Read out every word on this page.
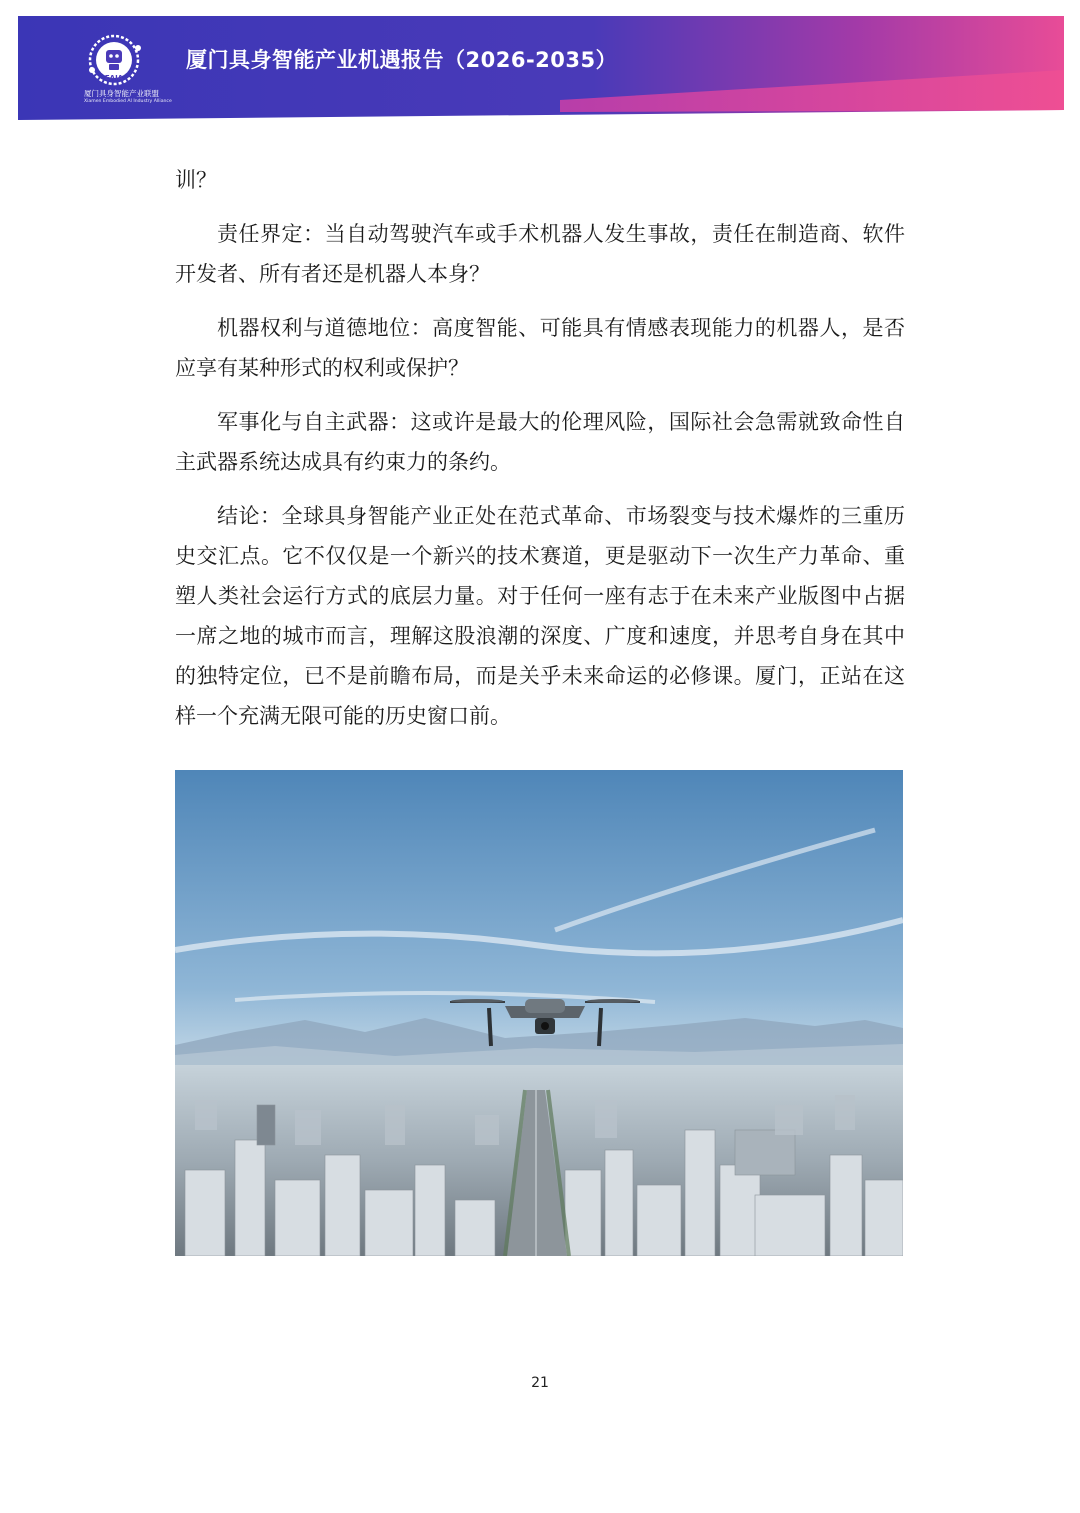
EAIA
厦门具身智能产业联盟
Xiamen Embodied AI Industry Alliance
厦门具身智能产业机遇报告（2026-2035）

训？

责任界定：当自动驾驶汽车或手术机器人发生事故，责任在制造商、软件开发者、所有者还是机器人本身？

机器权利与道德地位：高度智能、可能具有情感表现能力的机器人，是否应享有某种形式的权利或保护？

军事化与自主武器：这或许是最大的伦理风险，国际社会急需就致命性自主武器系统达成具有约束力的条约。

结论：全球具身智能产业正处在范式革命、市场裂变与技术爆炸的三重历史交汇点。它不仅仅是一个新兴的技术赛道，更是驱动下一次生产力革命、重塑人类社会运行方式的底层力量。对于任何一座有志于在未来产业版图中占据一席之地的城市而言，理解这股浪潮的深度、广度和速度，并思考自身在其中的独特定位，已不是前瞻布局，而是关乎未来命运的必修课。厦门，正站在这样一个充满无限可能的历史窗口前。

21
